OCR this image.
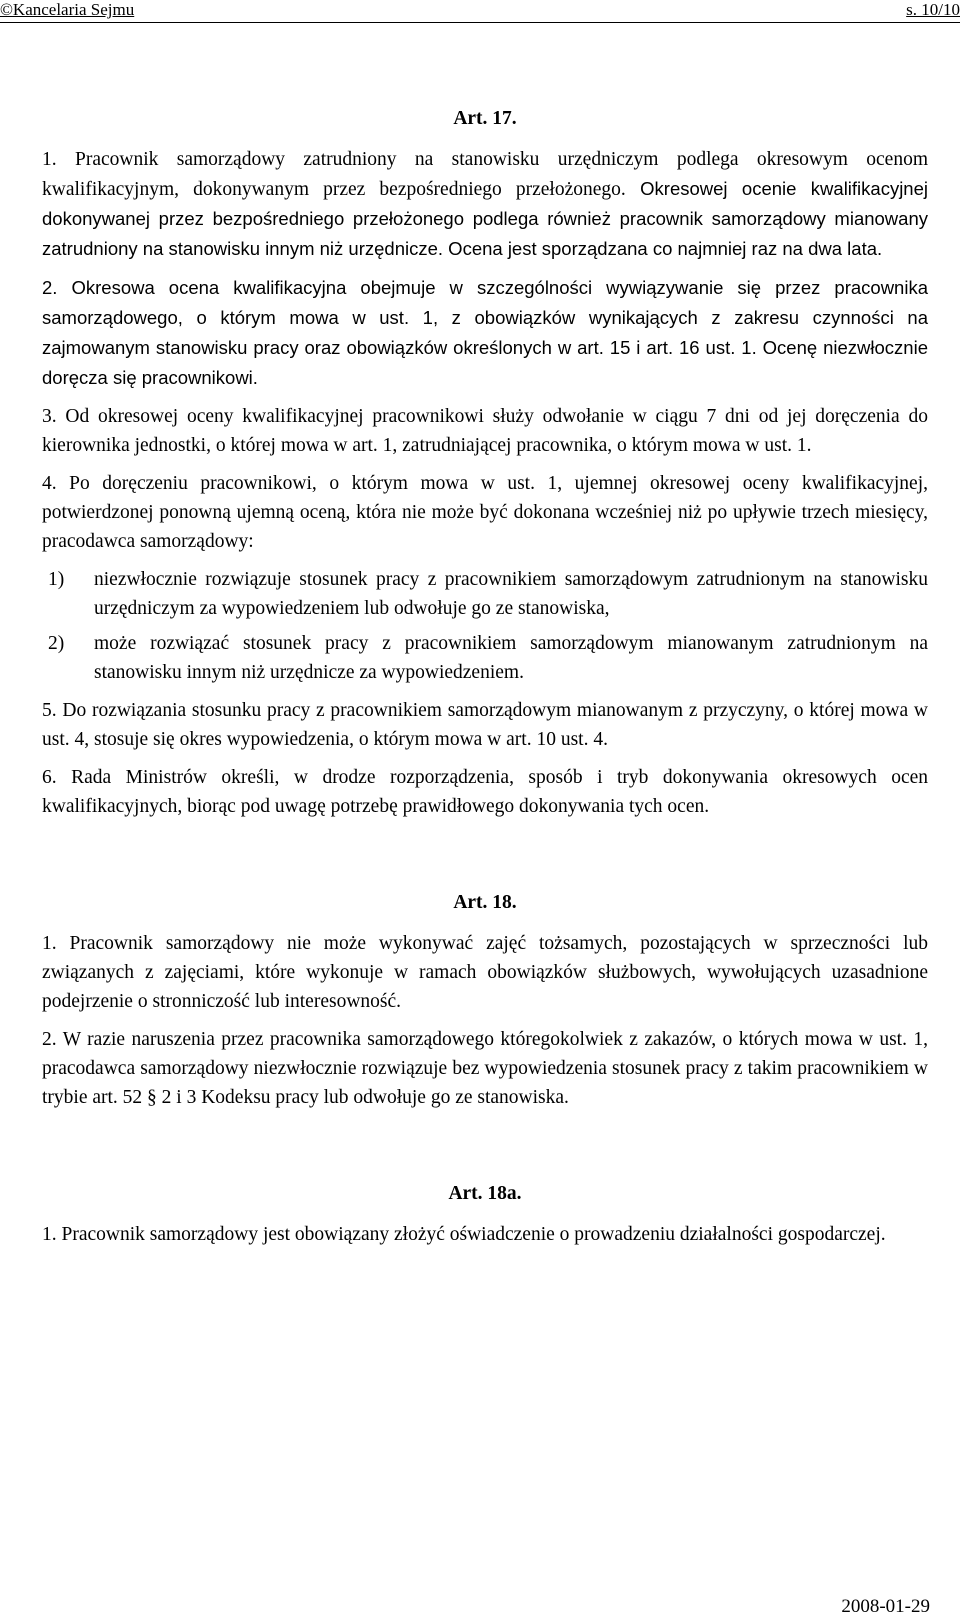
©Kancelaria Sejmu	s. 10/10
Art. 17.

1. Pracownik samorządowy zatrudniony na stanowisku urzędniczym podlega okresowym ocenom kwalifikacyjnym, dokonywanym przez bezpośredniego przełożonego. Okresowej ocenie kwalifikacyjnej dokonywanej przez bezpośredniego przełożonego podlega również pracownik samorządowy mianowany zatrudniony na stanowisku innym niż urzędnicze. Ocena jest sporządzana co najmniej raz na dwa lata.

2. Okresowa ocena kwalifikacyjna obejmuje w szczególności wywiązywanie się przez pracownika samorządowego, o którym mowa w ust. 1, z obowiązków wynikających z zakresu czynności na zajmowanym stanowisku pracy oraz obowiązków określonych w art. 15 i art. 16 ust. 1. Ocenę niezwłocznie doręcza się pracownikowi.

3. Od okresowej oceny kwalifikacyjnej pracownikowi służy odwołanie w ciągu 7 dni od jej doręczenia do kierownika jednostki, o której mowa w art. 1, zatrudniającej pracownika, o którym mowa w ust. 1.

4. Po doręczeniu pracownikowi, o którym mowa w ust. 1, ujemnej okresowej oceny kwalifikacyjnej, potwierdzonej ponowną ujemną oceną, która nie może być dokonana wcześniej niż po upływie trzech miesięcy, pracodawca samorządowy:

1)	niezwłocznie rozwiązuje stosunek pracy z pracownikiem samorządowym zatrudnionym na stanowisku urzędniczym za wypowiedzeniem lub odwołuje go ze stanowiska,
2)	może rozwiązać stosunek pracy z pracownikiem samorządowym mianowanym zatrudnionym na stanowisku innym niż urzędnicze za wypowiedzeniem.

5. Do rozwiązania stosunku pracy z pracownikiem samorządowym mianowanym z przyczyny, o której mowa w ust. 4, stosuje się okres wypowiedzenia, o którym mowa w art. 10 ust. 4.

6. Rada Ministrów określi, w drodze rozporządzenia, sposób i tryb dokonywania okresowych ocen kwalifikacyjnych, biorąc pod uwagę potrzebę prawidłowego dokonywania tych ocen.

Art. 18.

1. Pracownik samorządowy nie może wykonywać zajęć tożsamych, pozostających w sprzeczności lub związanych z zajęciami, które wykonuje w ramach obowiązków służbowych, wywołujących uzasadnione podejrzenie o stronniczość lub interesowność.

2. W razie naruszenia przez pracownika samorządowego któregokolwiek z zakazów, o których mowa w ust. 1, pracodawca samorządowy niezwłocznie rozwiązuje bez wypowiedzenia stosunek pracy z takim pracownikiem w trybie art. 52 § 2 i 3 Kodeksu pracy lub odwołuje go ze stanowiska.

Art. 18a.

1. Pracownik samorządowy jest obowiązany złożyć oświadczenie o prowadzeniu działalności gospodarczej.

2008-01-29
